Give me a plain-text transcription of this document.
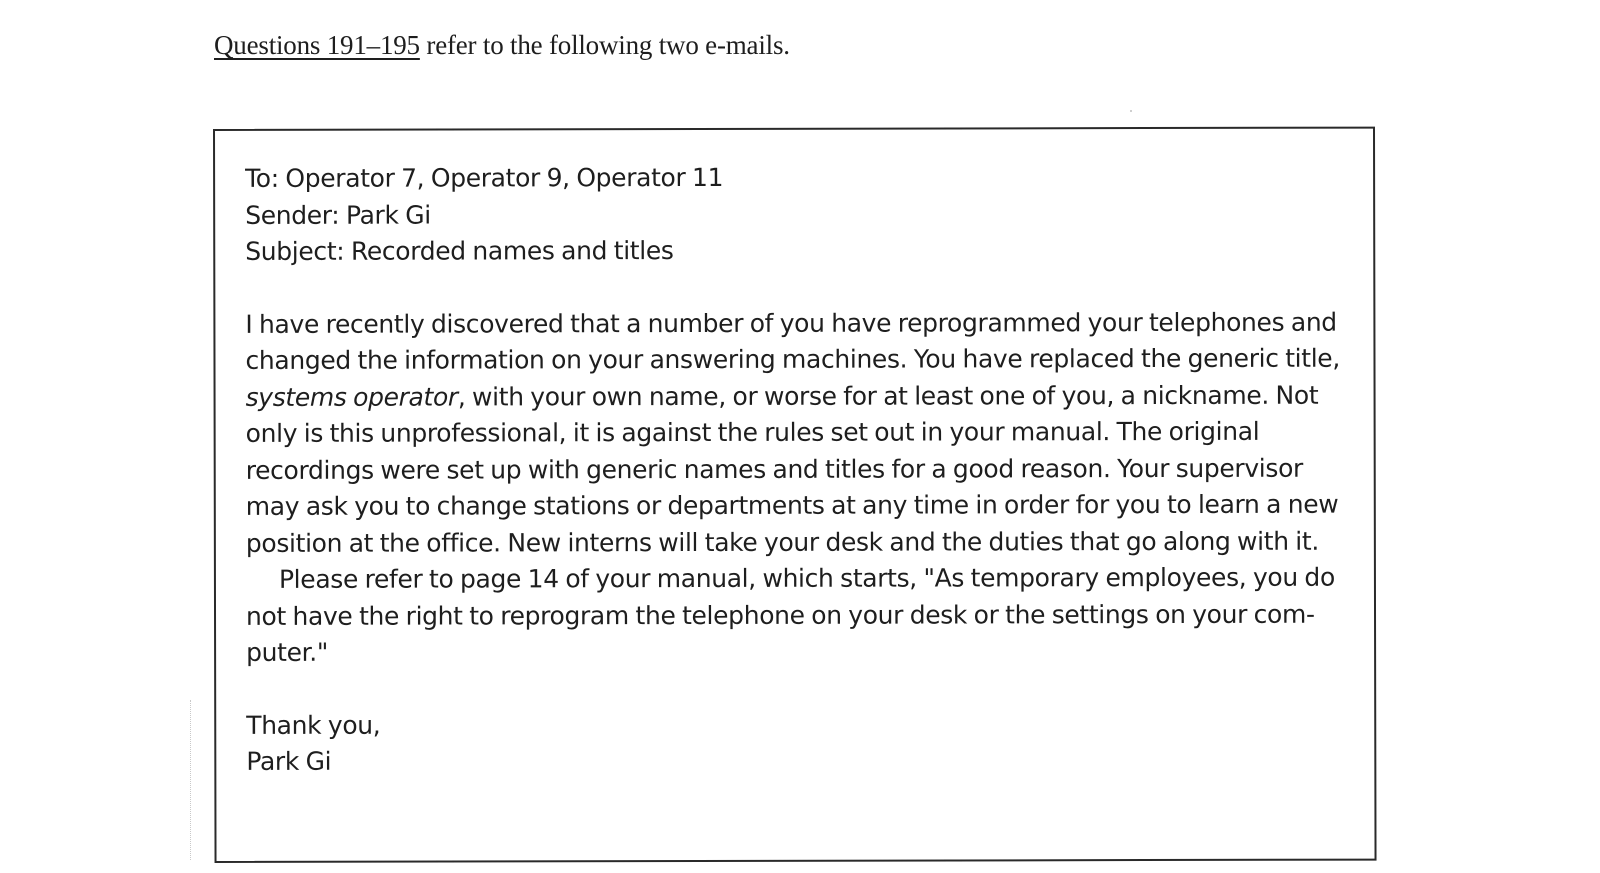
Questions 191–195 refer to the following two e-mails.
To: Operator 7, Operator 9, Operator 11
Sender: Park Gi
Subject: Recorded names and titles

I have recently discovered that a number of you have reprogrammed your telephones and changed the information on your answering machines. You have replaced the generic title, systems operator, with your own name, or worse for at least one of you, a nickname. Not only is this unprofessional, it is against the rules set out in your manual. The original recordings were set up with generic names and titles for a good reason. Your supervisor may ask you to change stations or departments at any time in order for you to learn a new position at the office. New interns will take your desk and the duties that go along with it.

Please refer to page 14 of your manual, which starts, "As temporary employees, you do not have the right to reprogram the telephone on your desk or the settings on your com- puter."

Thank you,
Park Gi
